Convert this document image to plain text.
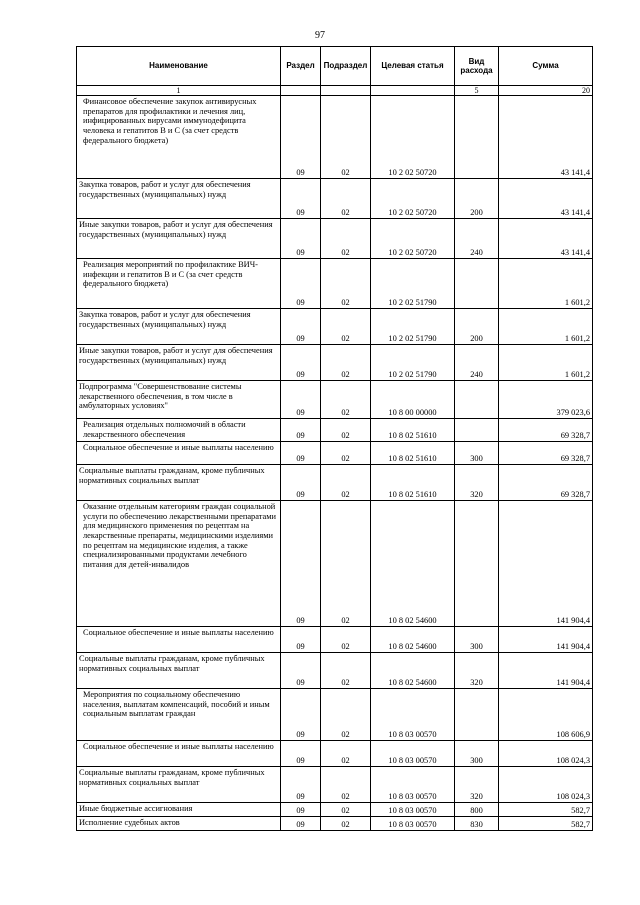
97
Наименование	Раздел	Подраздел	Целевая статья	Вид расхода	Сумма
1				5	20
Финансовое обеспечение закупок антивирусных препаратов для профилактики и лечения лиц, инфицированных вирусами иммунодефицита человека и гепатитов В и С (за счет средств федерального бюджета)	09	02	10 2 02 50720		43 141,4
Закупка товаров, работ и услуг для обеспечения государственных (муниципальных) нужд	09	02	10 2 02 50720	200	43 141,4
Иные закупки товаров, работ и услуг для обеспечения государственных (муниципальных) нужд	09	02	10 2 02 50720	240	43 141,4
Реализация мероприятий по профилактике ВИЧ-инфекции и гепатитов В и С (за счет средств федерального бюджета)	09	02	10 2 02 51790		1 601,2
Закупка товаров, работ и услуг для обеспечения государственных (муниципальных) нужд	09	02	10 2 02 51790	200	1 601,2
Иные закупки товаров, работ и услуг для обеспечения государственных (муниципальных) нужд	09	02	10 2 02 51790	240	1 601,2
Подпрограмма "Совершенствование системы лекарственного обеспечения, в том числе в амбулаторных условиях"	09	02	10 8 00 00000		379 023,6
Реализация отдельных полномочий в области лекарственного обеспечения	09	02	10 8 02 51610		69 328,7
Социальное обеспечение и иные выплаты населению	09	02	10 8 02 51610	300	69 328,7
Социальные выплаты гражданам, кроме публичных нормативных социальных выплат	09	02	10 8 02 51610	320	69 328,7
Оказание отдельным категориям граждан социальной услуги по обеспечению лекарственными препаратами для медицинского применения по рецептам на лекарственные препараты, медицинскими изделиями по рецептам на медицинские изделия, а также специализированными продуктами лечебного питания для детей-инвалидов	09	02	10 8 02 54600		141 904,4
Социальное обеспечение и иные выплаты населению	09	02	10 8 02 54600	300	141 904,4
Социальные выплаты гражданам, кроме публичных нормативных социальных выплат	09	02	10 8 02 54600	320	141 904,4
Мероприятия по социальному обеспечению населения, выплатам компенсаций, пособий и иным социальным выплатам граждан	09	02	10 8 03 00570		108 606,9
Социальное обеспечение и иные выплаты населению	09	02	10 8 03 00570	300	108 024,3
Социальные выплаты гражданам, кроме публичных нормативных социальных выплат	09	02	10 8 03 00570	320	108 024,3
Иные бюджетные ассигнования	09	02	10 8 03 00570	800	582,7
Исполнение судебных актов	09	02	10 8 03 00570	830	582,7
